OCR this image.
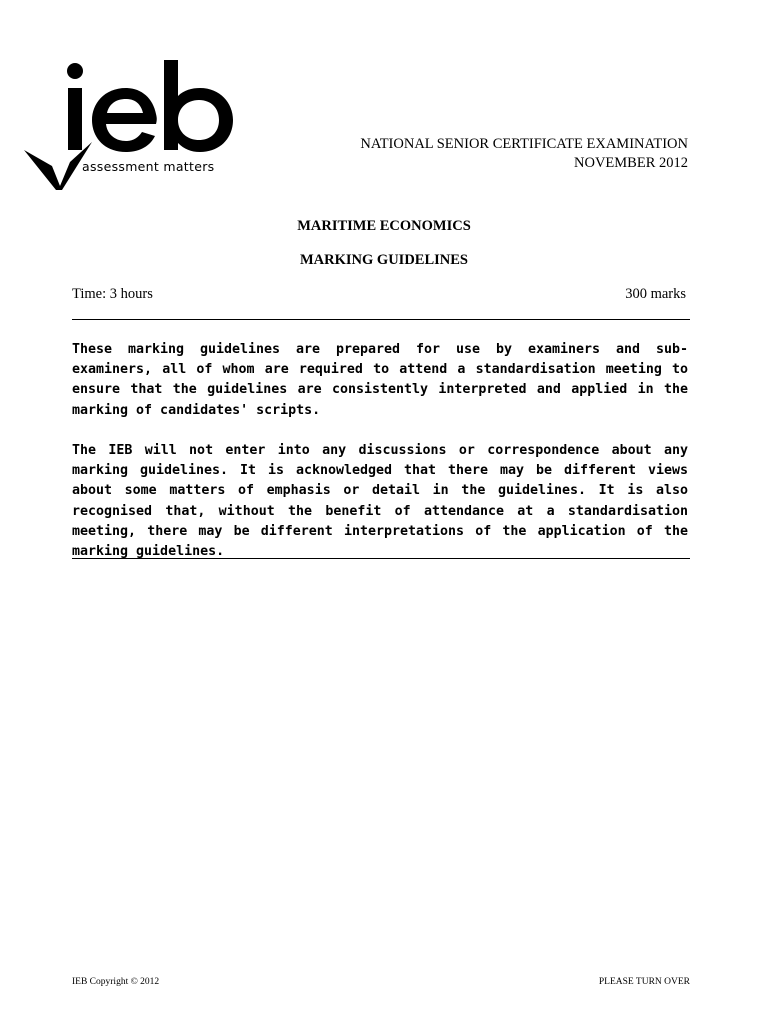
assessment matters
NATIONAL SENIOR CERTIFICATE EXAMINATION
NOVEMBER 2012
MARITIME ECONOMICS
MARKING GUIDELINES
Time: 3 hours	300 marks

These marking guidelines are prepared for use by examiners and sub-examiners, all of whom are required to attend a standardisation meeting to ensure that the guidelines are consistently interpreted and applied in the marking of candidates' scripts.

The IEB will not enter into any discussions or correspondence about any marking guidelines. It is acknowledged that there may be different views about some matters of emphasis or detail in the guidelines. It is also recognised that, without the benefit of attendance at a standardisation meeting, there may be different interpretations of the application of the marking guidelines.

IEB Copyright © 2012	PLEASE TURN OVER
